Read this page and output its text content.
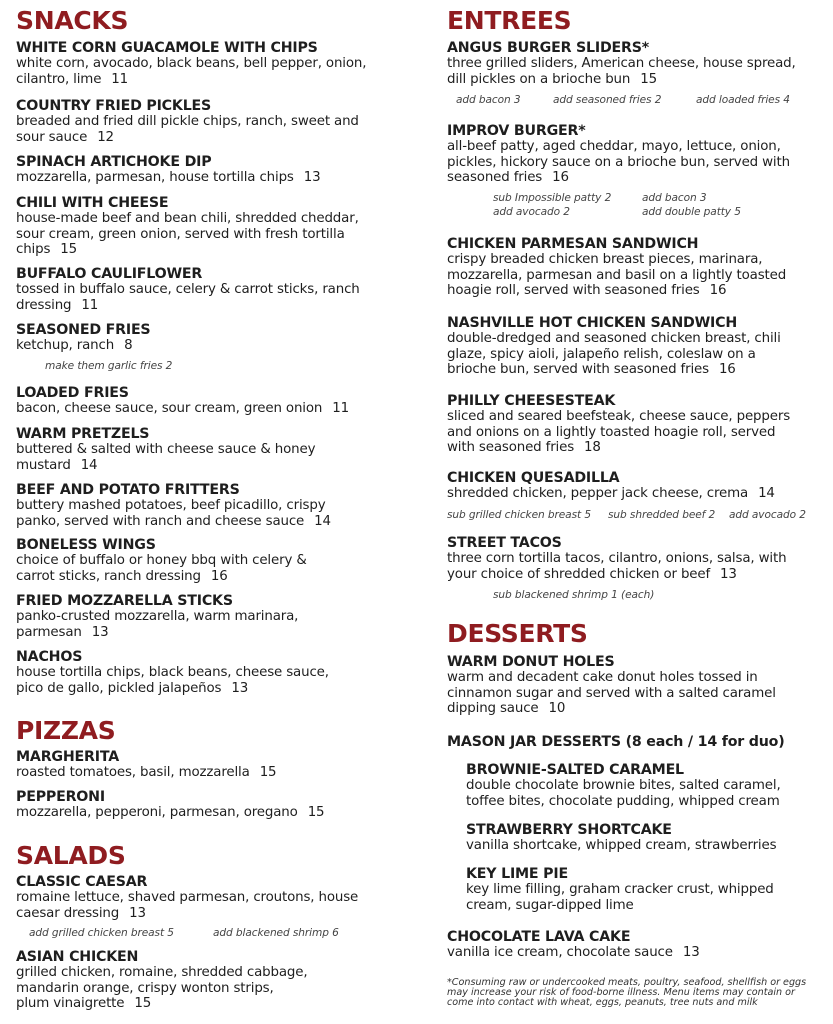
SNACKS
WHITE CORN GUACAMOLE WITH CHIPS
white corn, avocado, black beans, bell pepper, onion,
cilantro, lime 11
COUNTRY FRIED PICKLES
breaded and fried dill pickle chips, ranch, sweet and
sour sauce 12
SPINACH ARTICHOKE DIP
mozzarella, parmesan, house tortilla chips 13
CHILI WITH CHEESE
house-made beef and bean chili, shredded cheddar,
sour cream, green onion, served with fresh tortilla
chips 15
BUFFALO CAULIFLOWER
tossed in buffalo sauce, celery & carrot sticks, ranch
dressing 11
SEASONED FRIES
ketchup, ranch 8
make them garlic fries 2
LOADED FRIES
bacon, cheese sauce, sour cream, green onion 11
WARM PRETZELS
buttered & salted with cheese sauce & honey
mustard 14
BEEF AND POTATO FRITTERS
buttery mashed potatoes, beef picadillo, crispy
panko, served with ranch and cheese sauce 14
BONELESS WINGS
choice of buffalo or honey bbq with celery &
carrot sticks, ranch dressing 16
FRIED MOZZARELLA STICKS
panko-crusted mozzarella, warm marinara,
parmesan 13
NACHOS
house tortilla chips, black beans, cheese sauce,
pico de gallo, pickled jalapeños 13
PIZZAS
MARGHERITA
roasted tomatoes, basil, mozzarella 15
PEPPERONI
mozzarella, pepperoni, parmesan, oregano 15
SALADS
CLASSIC CAESAR
romaine lettuce, shaved parmesan, croutons, house
caesar dressing 13
add grilled chicken breast 5	add blackened shrimp 6
ASIAN CHICKEN
grilled chicken, romaine, shredded cabbage,
mandarin orange, crispy wonton strips,
plum vinaigrette 15
ENTREES
ANGUS BURGER SLIDERS*
three grilled sliders, American cheese, house spread,
dill pickles on a brioche bun 15
add bacon 3	add seasoned fries 2	add loaded fries 4
IMPROV BURGER*
all-beef patty, aged cheddar, mayo, lettuce, onion,
pickles, hickory sauce on a brioche bun, served with
seasoned fries 16
sub Impossible patty 2	add bacon 3
add avocado 2	add double patty 5
CHICKEN PARMESAN SANDWICH
crispy breaded chicken breast pieces, marinara,
mozzarella, parmesan and basil on a lightly toasted
hoagie roll, served with seasoned fries 16
NASHVILLE HOT CHICKEN SANDWICH
double-dredged and seasoned chicken breast, chili
glaze, spicy aioli, jalapeño relish, coleslaw on a
brioche bun, served with seasoned fries 16
PHILLY CHEESESTEAK
sliced and seared beefsteak, cheese sauce, peppers
and onions on a lightly toasted hoagie roll, served
with seasoned fries 18
CHICKEN QUESADILLA
shredded chicken, pepper jack cheese, crema 14
sub grilled chicken breast 5 sub shredded beef 2 add avocado 2
STREET TACOS
three corn tortilla tacos, cilantro, onions, salsa, with
your choice of shredded chicken or beef 13
sub blackened shrimp 1 (each)
DESSERTS
WARM DONUT HOLES
warm and decadent cake donut holes tossed in
cinnamon sugar and served with a salted caramel
dipping sauce 10
MASON JAR DESSERTS (8 each / 14 for duo)
BROWNIE-SALTED CARAMEL
double chocolate brownie bites, salted caramel,
toffee bites, chocolate pudding, whipped cream
STRAWBERRY SHORTCAKE
vanilla shortcake, whipped cream, strawberries
KEY LIME PIE
key lime filling, graham cracker crust, whipped
cream, sugar-dipped lime
CHOCOLATE LAVA CAKE
vanilla ice cream, chocolate sauce 13
*Consuming raw or undercooked meats, poultry, seafood, shellfish or eggs may increase your risk of food-borne illness. Menu items may contain or come into contact with wheat, eggs, peanuts, tree nuts and milk
